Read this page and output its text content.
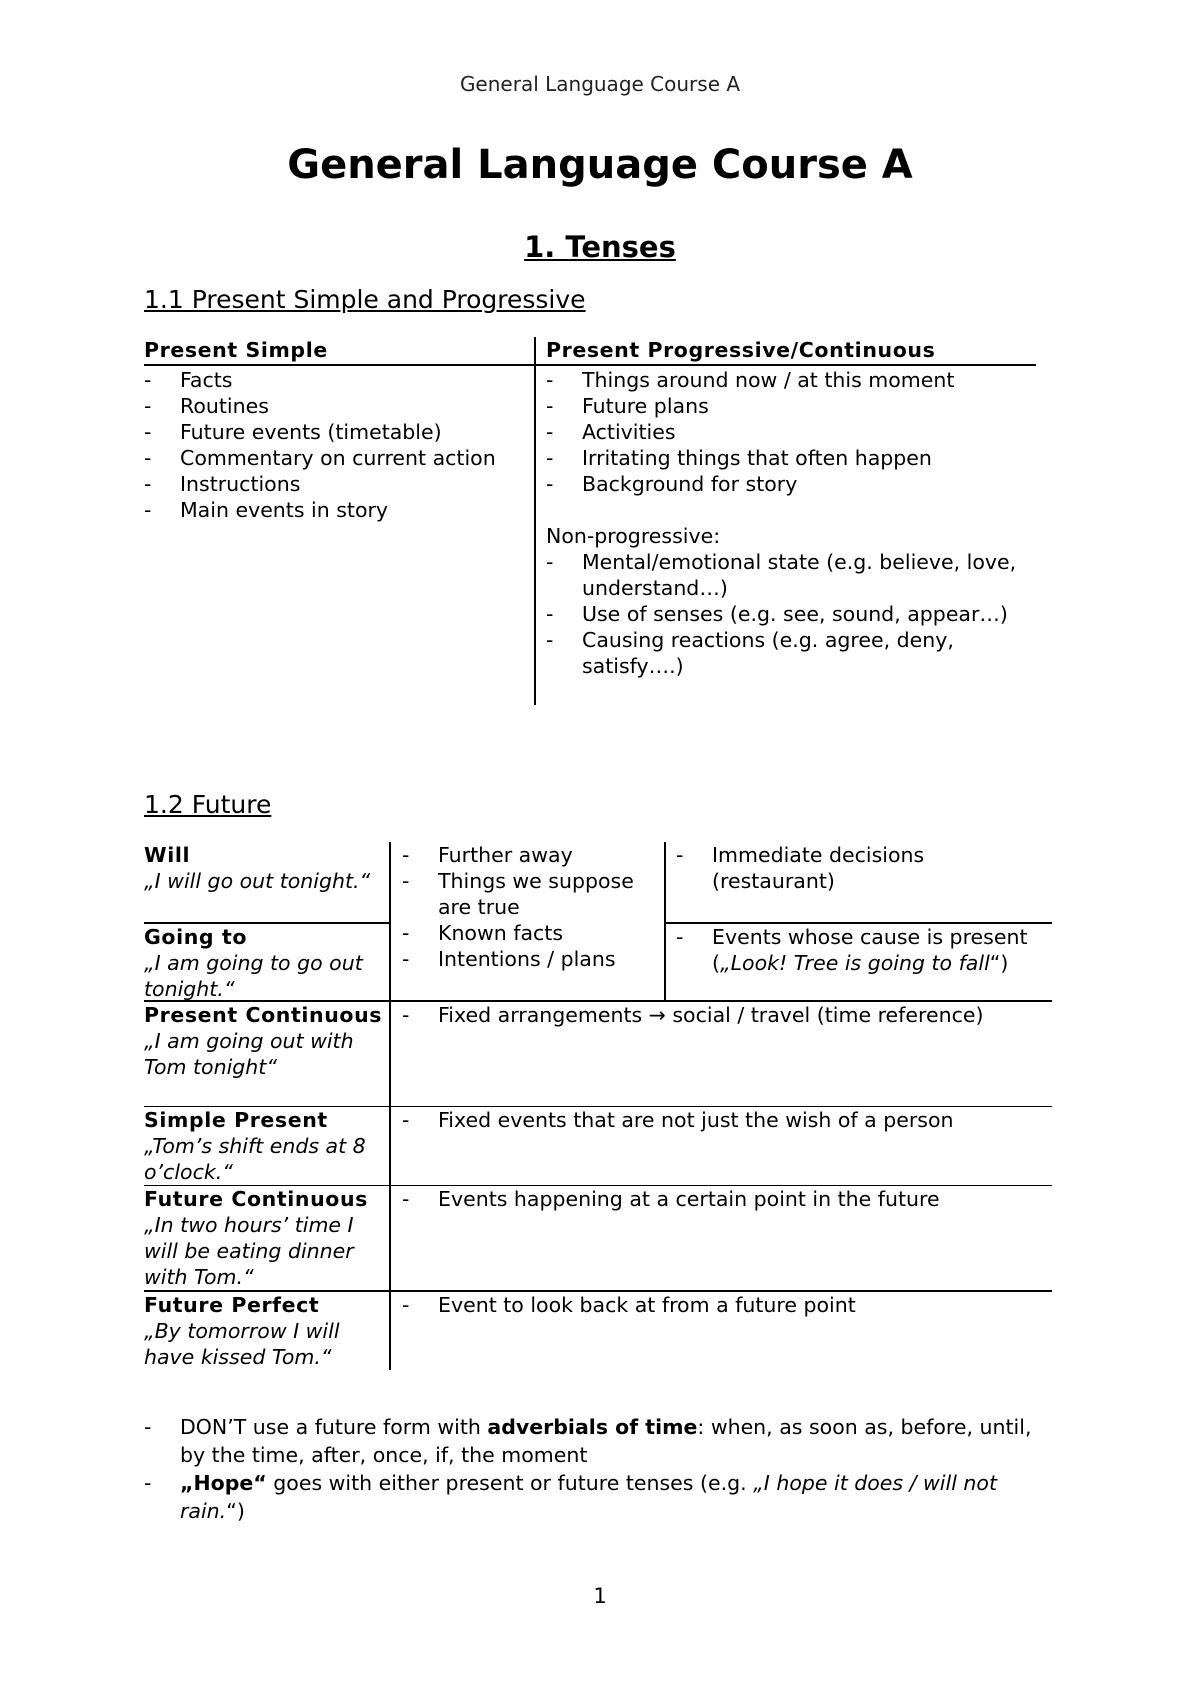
General Language Course A
General Language Course A
1. Tenses
1.1 Present Simple and Progressive
Present Simple	Present Progressive/Continuous
- Facts
- Routines
- Future events (timetable)
- Commentary on current action
- Instructions
- Main events in story
- Things around now / at this moment
- Future plans
- Activities
- Irritating things that often happen
- Background for story
Non-progressive:
- Mental/emotional state (e.g. believe, love, understand…)
- Use of senses (e.g. see, sound, appear…)
- Causing reactions (e.g. agree, deny, satisfy….)
1.2 Future
Will
„I will go out tonight.“
Going to
„I am going to go out tonight.“
- Further away
- Things we suppose are true
- Known facts
- Intentions / plans
- Immediate decisions (restaurant)
- Events whose cause is present („Look! Tree is going to fall“)
Present Continuous
„I am going out with Tom tonight“
- Fixed arrangements → social / travel (time reference)
Simple Present
„Tom’s shift ends at 8 o’clock.“
- Fixed events that are not just the wish of a person
Future Continuous
„In two hours’ time I will be eating dinner with Tom.“
- Events happening at a certain point in the future
Future Perfect
„By tomorrow I will have kissed Tom.“
- Event to look back at from a future point
- DON’T use a future form with adverbials of time: when, as soon as, before, until, by the time, after, once, if, the moment
- „Hope“ goes with either present or future tenses (e.g. „I hope it does / will not rain.“)
1
